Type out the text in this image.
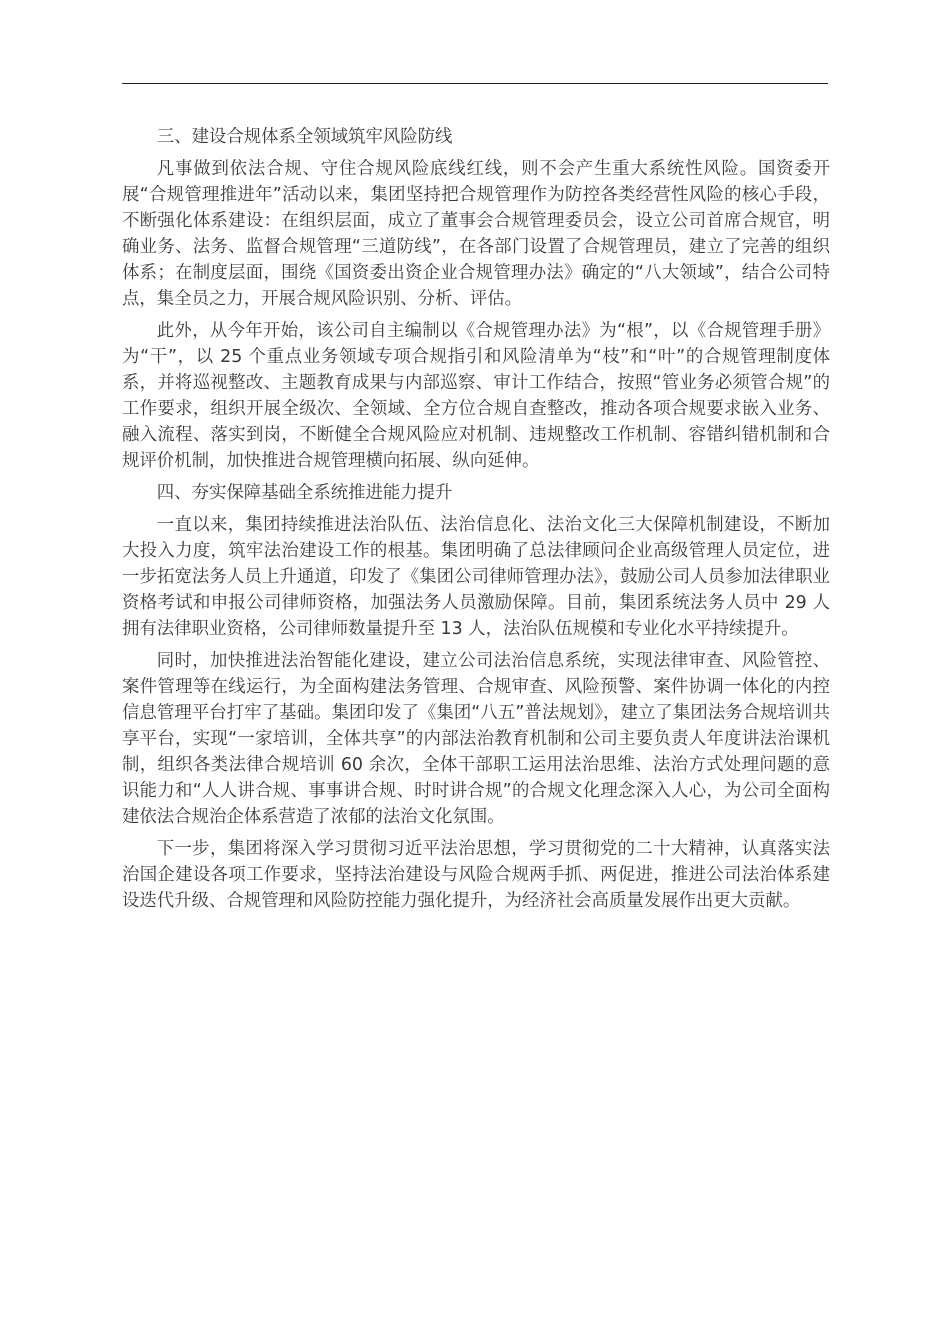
三、建设合规体系全领域筑牢风险防线

凡事做到依法合规、守住合规风险底线红线，则不会产生重大系统性风险。国资委开展“合规管理推进年”活动以来，集团坚持把合规管理作为防控各类经营性风险的核心手段，不断强化体系建设：在组织层面，成立了董事会合规管理委员会，设立公司首席合规官，明确业务、法务、监督合规管理“三道防线”，在各部门设置了合规管理员，建立了完善的组织体系；在制度层面，围绕《国资委出资企业合规管理办法》确定的“八大领域”，结合公司特点，集全员之力，开展合规风险识别、分析、评估。

此外，从今年开始，该公司自主编制以《合规管理办法》为“根”，以《合规管理手册》为“干”，以 25 个重点业务领域专项合规指引和风险清单为“枝”和“叶”的合规管理制度体系，并将巡视整改、主题教育成果与内部巡察、审计工作结合，按照“管业务必须管合规”的工作要求，组织开展全级次、全领域、全方位合规自查整改，推动各项合规要求嵌入业务、融入流程、落实到岗，不断健全合规风险应对机制、违规整改工作机制、容错纠错机制和合规评价机制，加快推进合规管理横向拓展、纵向延伸。

四、夯实保障基础全系统推进能力提升

一直以来，集团持续推进法治队伍、法治信息化、法治文化三大保障机制建设，不断加大投入力度，筑牢法治建设工作的根基。集团明确了总法律顾问企业高级管理人员定位，进一步拓宽法务人员上升通道，印发了《集团公司律师管理办法》，鼓励公司人员参加法律职业资格考试和申报公司律师资格，加强法务人员激励保障。目前，集团系统法务人员中 29 人拥有法律职业资格，公司律师数量提升至 13 人，法治队伍规模和专业化水平持续提升。

同时，加快推进法治智能化建设，建立公司法治信息系统，实现法律审查、风险管控、案件管理等在线运行，为全面构建法务管理、合规审查、风险预警、案件协调一体化的内控信息管理平台打牢了基础。集团印发了《集团“八五”普法规划》，建立了集团法务合规培训共享平台，实现“一家培训，全体共享”的内部法治教育机制和公司主要负责人年度讲法治课机制，组织各类法律合规培训 60 余次，全体干部职工运用法治思维、法治方式处理问题的意识能力和“人人讲合规、事事讲合规、时时讲合规”的合规文化理念深入人心，为公司全面构建依法合规治企体系营造了浓郁的法治文化氛围。

下一步，集团将深入学习贯彻习近平法治思想，学习贯彻党的二十大精神，认真落实法治国企建设各项工作要求，坚持法治建设与风险合规两手抓、两促进，推进公司法治体系建设迭代升级、合规管理和风险防控能力强化提升，为经济社会高质量发展作出更大贡献。
